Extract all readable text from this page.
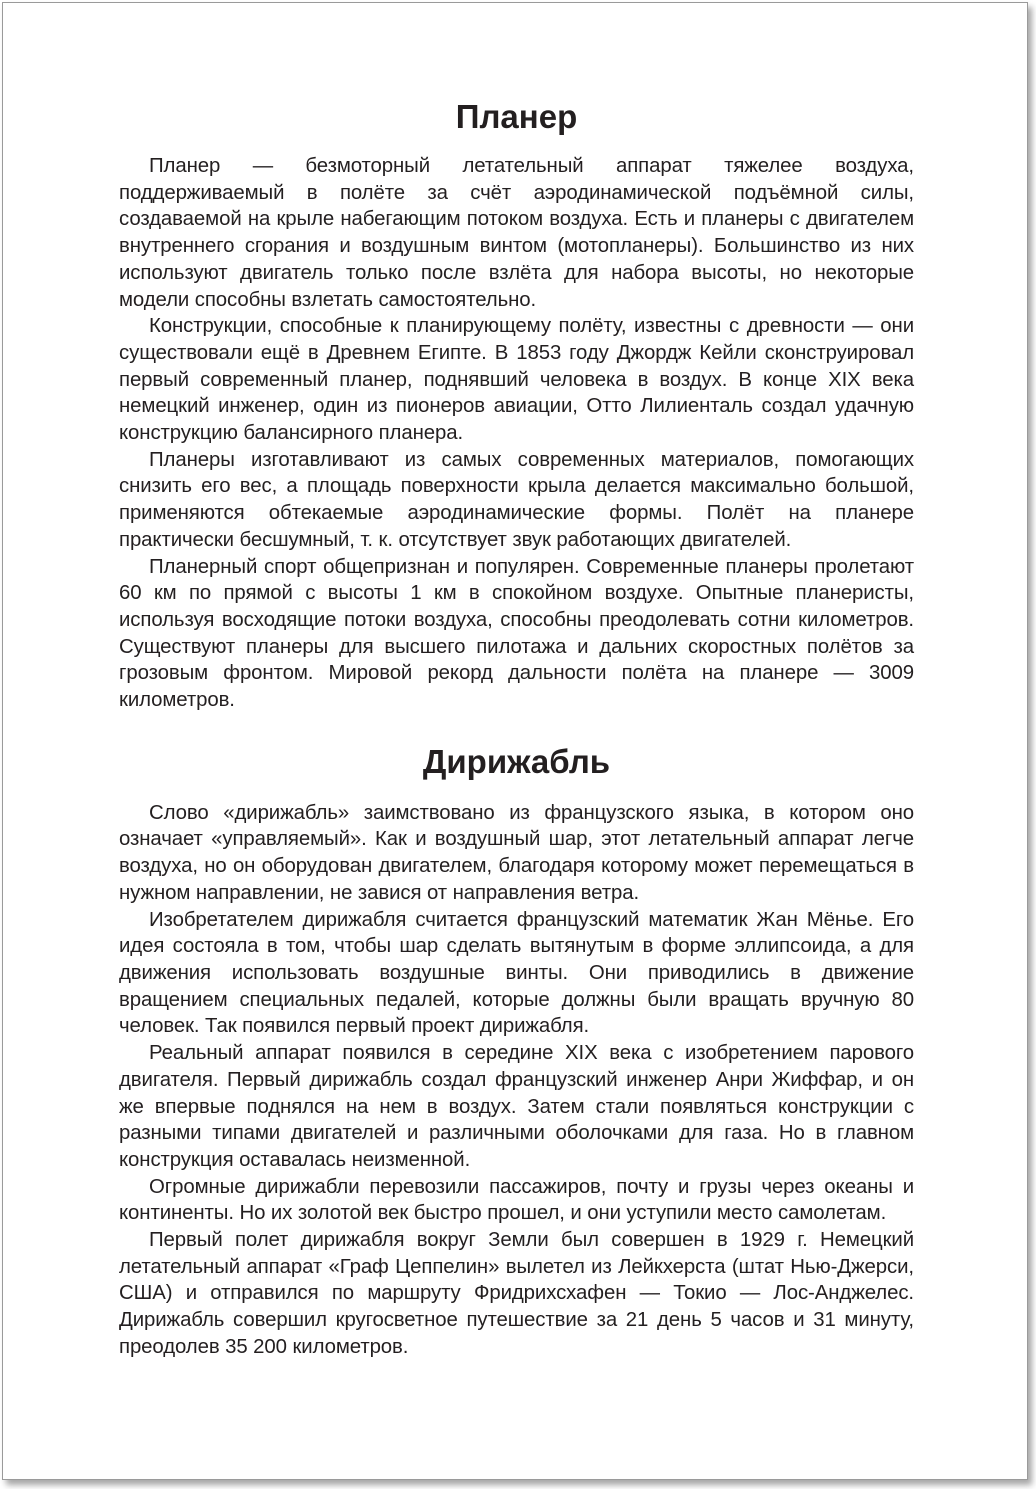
Планер

Планер — безмоторный летательный аппарат тяжелее воздуха, поддерживаемый в полёте за счёт аэродинамической подъёмной силы, создаваемой на крыле набегающим потоком воздуха. Есть и планеры с двигателем внутреннего сгорания и воздушным винтом (мотопланеры). Большинство из них используют двигатель только после взлёта для набора высоты, но некоторые модели способны взлетать самостоятельно.

Конструкции, способные к планирующему полёту, известны с древности — они существовали ещё в Древнем Египте. В 1853 году Джордж Кейли сконструировал первый современный планер, поднявший человека в воздух. В конце XIX века немецкий инженер, один из пионеров авиации, Отто Лилиенталь создал удачную конструкцию балансирного планера.

Планеры изготавливают из самых современных материалов, помогающих снизить его вес, а площадь поверхности крыла делается максимально большой, применяются обтекаемые аэродинамические формы. Полёт на планере практически бесшумный, т. к. отсутствует звук работающих двигателей.

Планерный спорт общепризнан и популярен. Современные планеры пролетают 60 км по прямой с высоты 1 км в спокойном воздухе. Опытные планеристы, используя восходящие потоки воздуха, способны преодолевать сотни километров. Существуют планеры для высшего пилотажа и дальних скоростных полётов за грозовым фронтом. Мировой рекорд дальности полёта на планере — 3009 километров.

Дирижабль

Слово «дирижабль» заимствовано из французского языка, в котором оно означает «управляемый». Как и воздушный шар, этот летательный аппарат легче воздуха, но он оборудован двигателем, благодаря которому может перемещаться в нужном направлении, не завися от направления ветра.

Изобретателем дирижабля считается французский математик Жан Мёнье. Его идея состояла в том, чтобы шар сделать вытянутым в форме эллипсоида, а для движения использовать воздушные винты. Они приводились в движение вращением специальных педалей, которые должны были вращать вручную 80 человек. Так появился первый проект дирижабля.

Реальный аппарат появился в середине XIX века с изобретением парового двигателя. Первый дирижабль создал французский инженер Анри Жиффар, и он же впервые поднялся на нем в воздух. Затем стали появляться конструкции с разными типами двигателей и различными оболочками для газа. Но в главном конструкция оставалась неизменной.

Огромные дирижабли перевозили пассажиров, почту и грузы через океаны и континенты. Но их золотой век быстро прошел, и они уступили место самолетам.

Первый полет дирижабля вокруг Земли был совершен в 1929 г. Немецкий летательный аппарат «Граф Цеппелин» вылетел из Лейкхерста (штат Нью-Джерси, США) и отправился по маршруту Фридрихсхафен — Токио — Лос-Анджелес. Дирижабль совершил кругосветное путешествие за 21 день 5 часов и 31 минуту, преодолев 35 200 километров.
